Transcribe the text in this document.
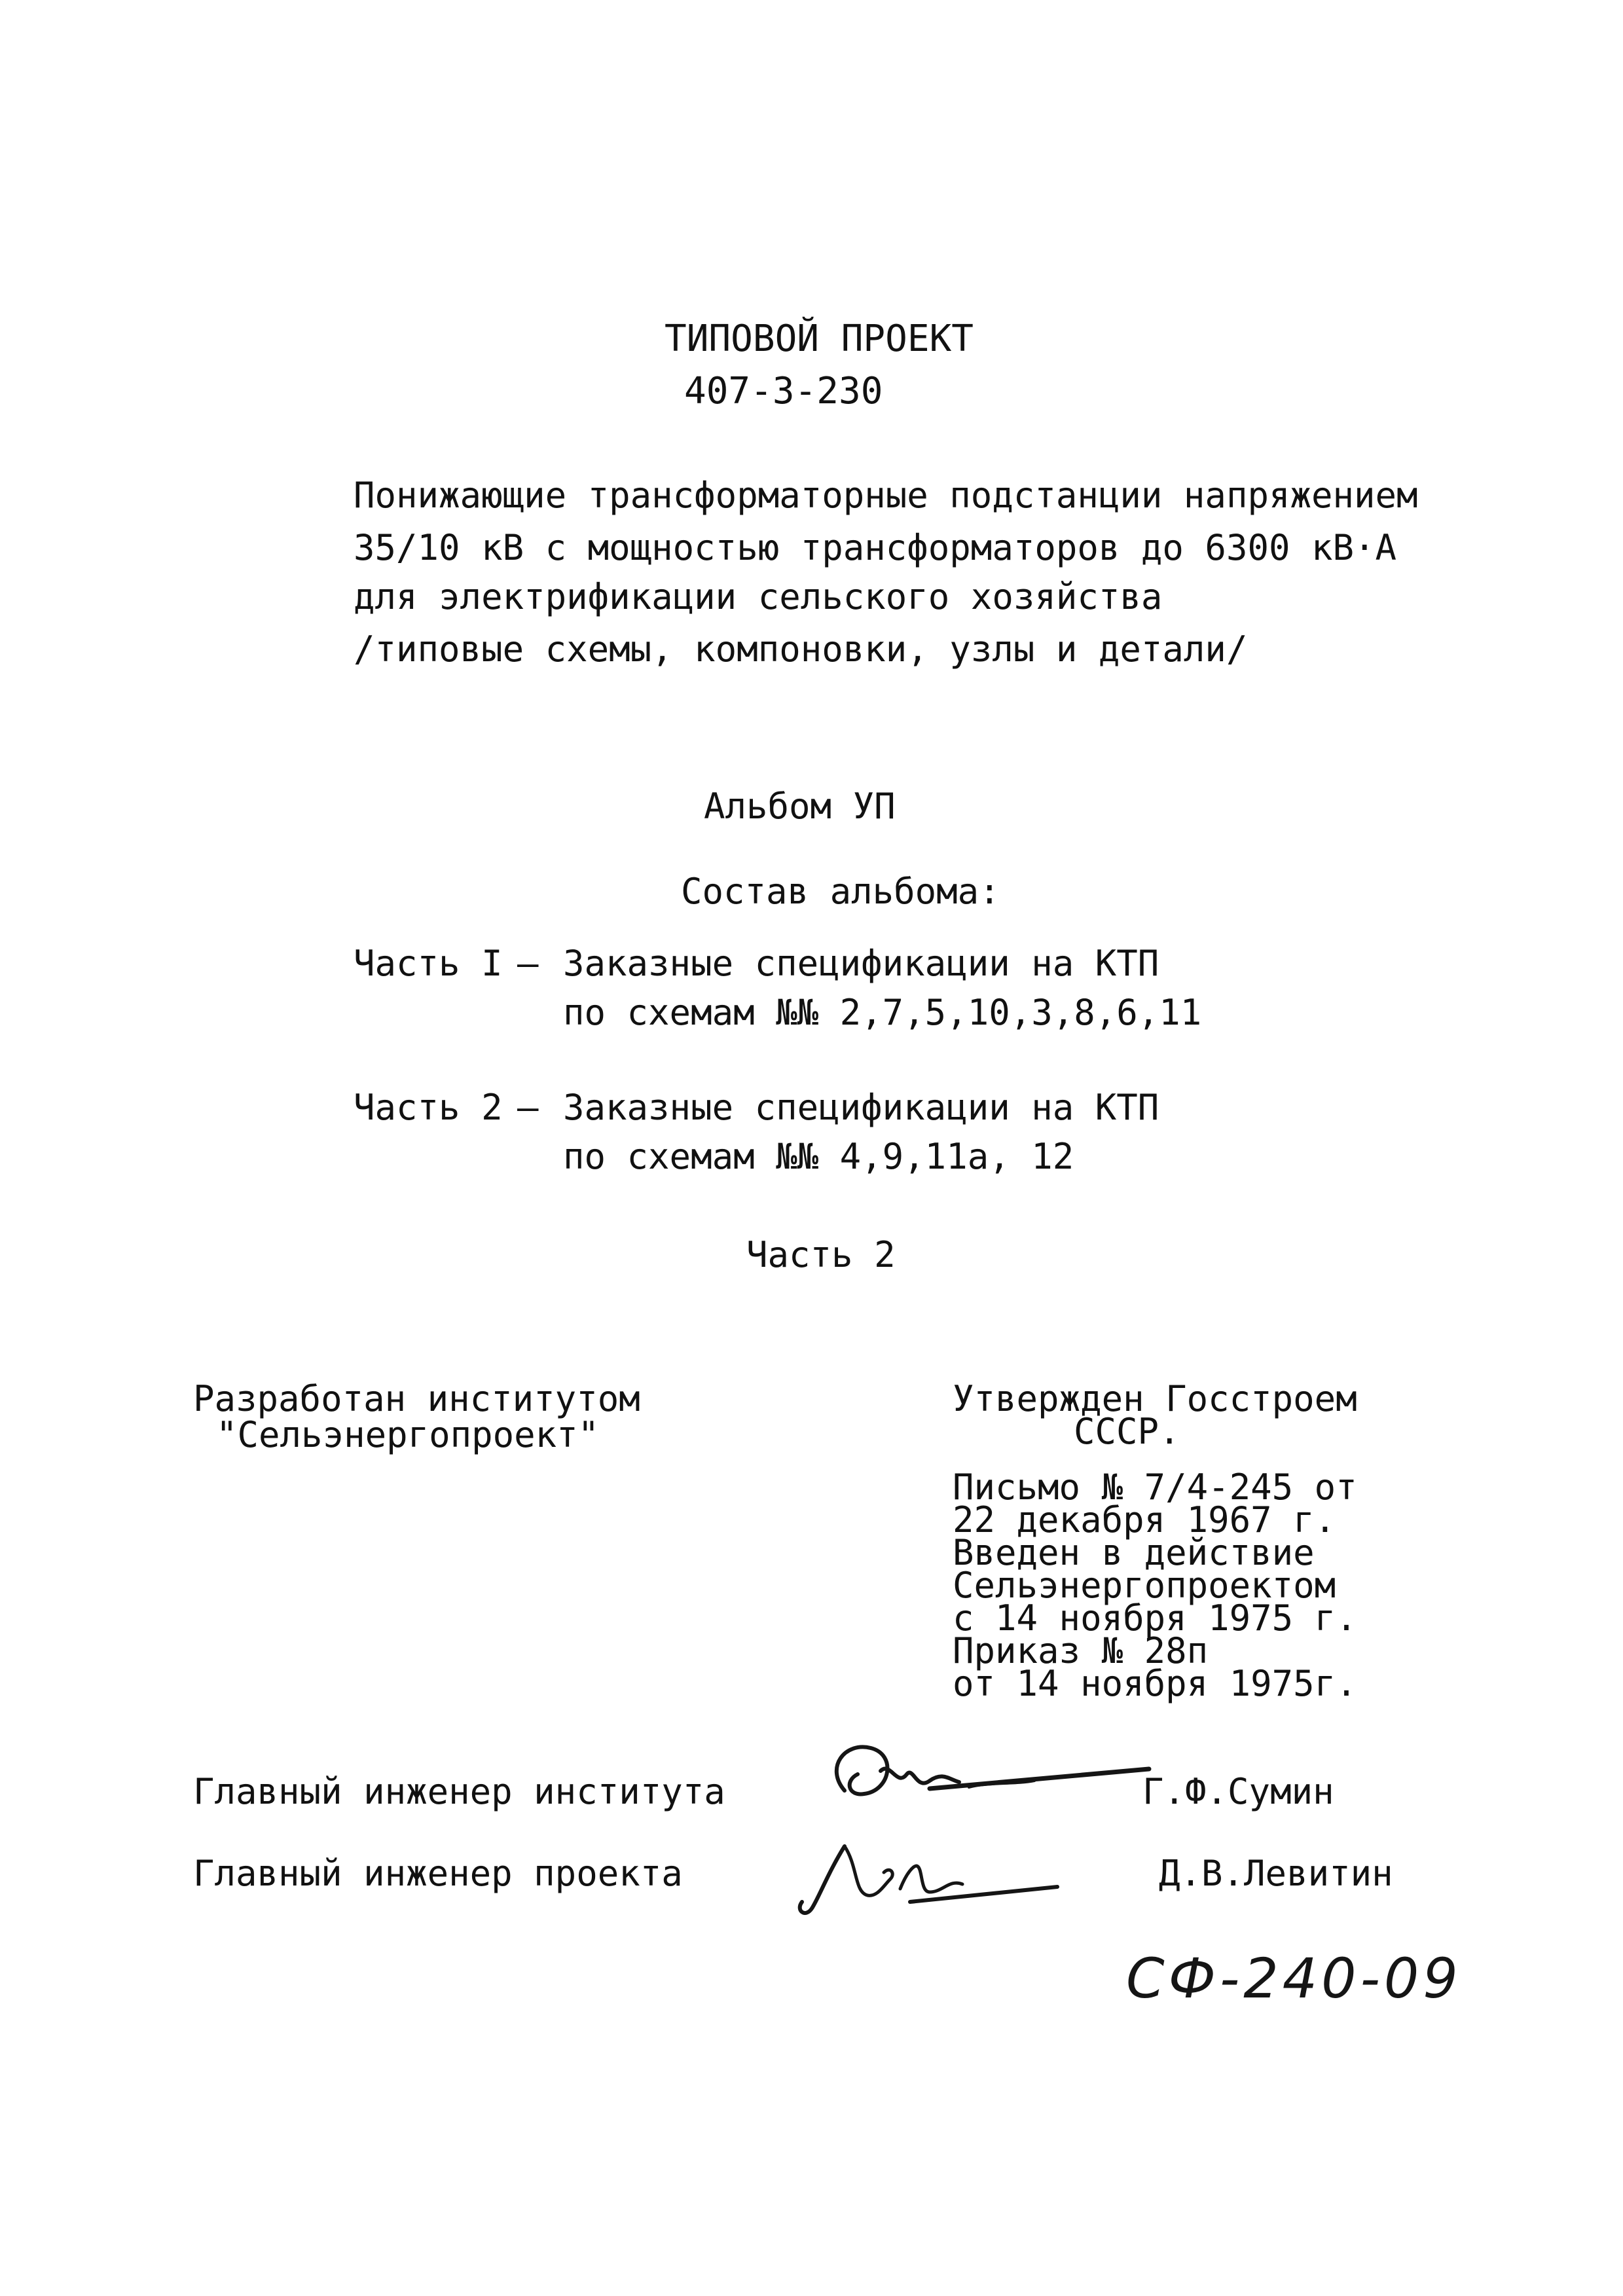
ТИПОВОЙ ПРОЕКТ
407-3-230
Понижающие трансформаторные подстанции напряжением
35/10 кВ с мощностью трансформаторов до 6300 кВ·А
для электрификации сельского хозяйства
/типовые схемы, компоновки, узлы и детали/
Альбом УП
Состав альбома:
Часть I – Заказные спецификации на КТП
по схемам №№ 2,7,5,10,3,8,6,11
Часть 2 – Заказные спецификации на КТП
по схемам №№ 4,9,11а, 12
Часть 2
Разработан институтом
"Сельэнергопроект"
Утвержден Госстроем
СССР.
Письмо № 7/4-245 от
22 декабря 1967 г.
Введен в действие
Сельэнергопроектом
с 14 ноября 1975 г.
Приказ № 28п
от 14 ноября 1975г.
Главный инженер института	Г.Ф.Сумин
Главный инженер проекта	Д.В.Левитин
СФ-240-09
